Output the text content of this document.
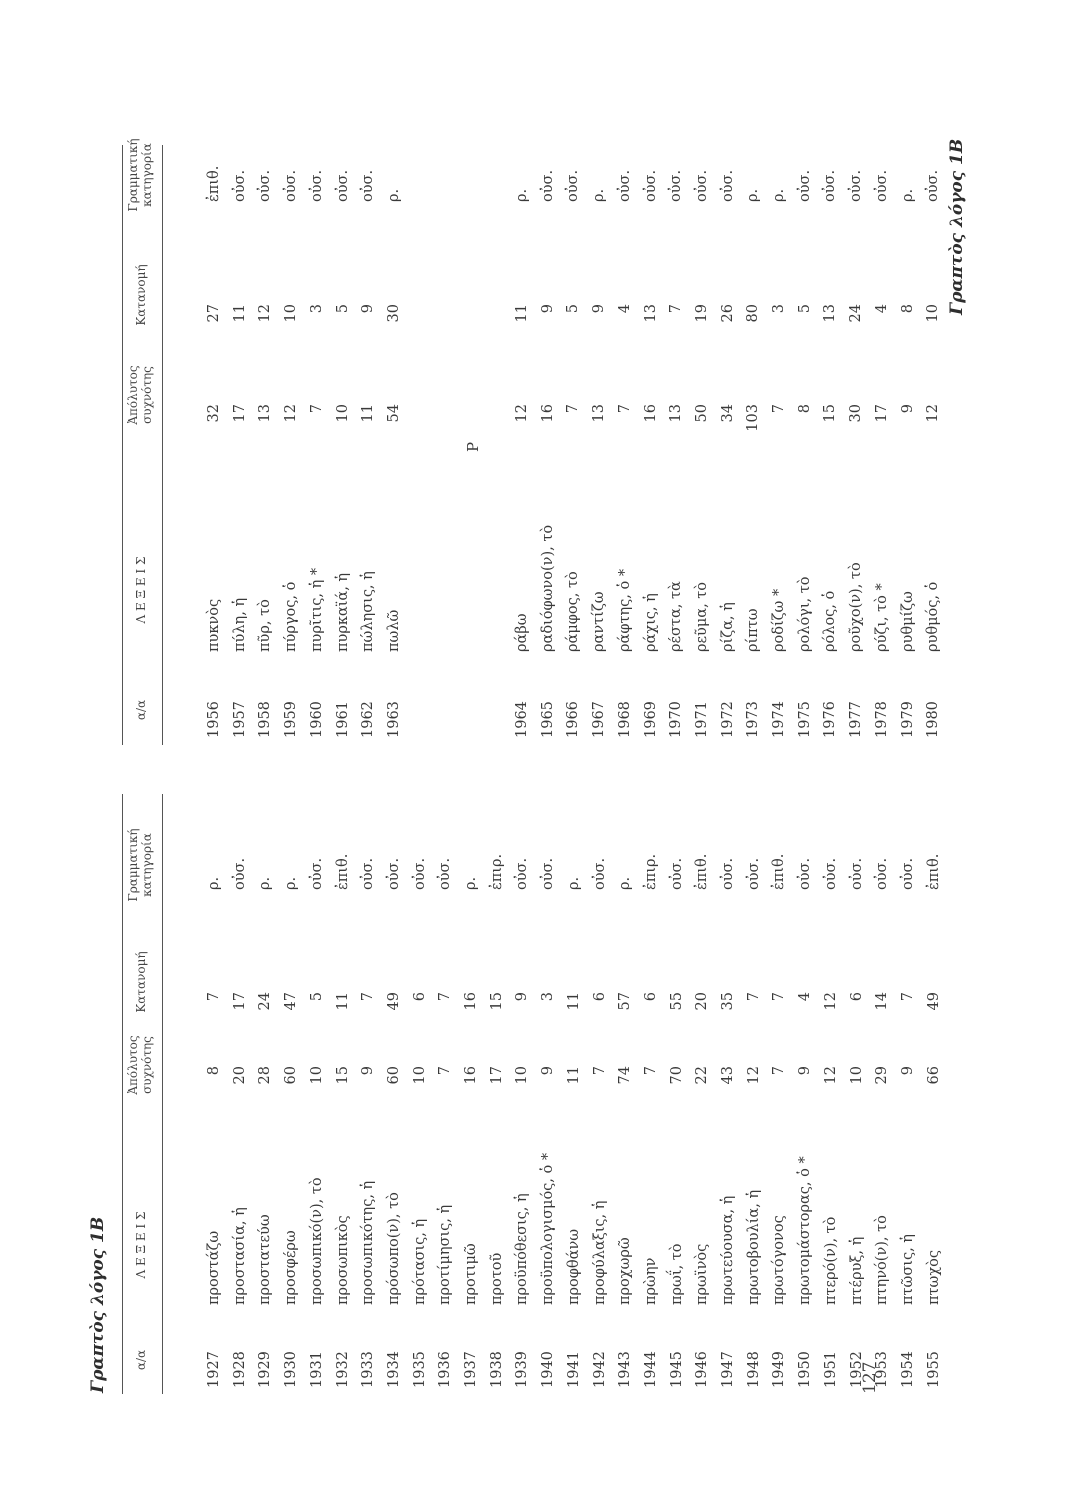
Γραπτὸς λόγος 1Β α/α
Λ Ε Ξ Ε Ι Σ
Ἀπόλυτος συχνότης
Κατανομή
Γραμματική κατηγορία
1927
προστάζω
8
7
ρ.
1928
προστασία, ἡ
20
17
οὐσ.
1929
προστατεύω
28
24
ρ.
1930
προσφέρω
60
47
ρ.
1931
προσωπικό(ν), τὸ
10
5
οὐσ.
1932
προσωπικὸς
15
11
ἐπιθ.
1933
προσωπικότης, ἡ
9
7
οὐσ.
1934
πρόσωπο(ν), τὸ
60
49
οὐσ.
1935
πρότασις, ἡ
10
6
οὐσ.
1936
προτίμησις, ἡ
7
7
οὐσ.
1937
προτιμῶ
16
16
ρ.
1938
προτοῦ
17
15
ἐπιρ.
1939
προϋπόθεσις, ἡ
10
9
οὐσ.
1940
προϋπολογισμός, ὁ *
9
3
οὐσ.
1941
προφθάνω
11
11
ρ.
1942
προφύλαξις, ἡ
7
6
οὐσ.
1943
προχωρῶ
74
57
ρ.
1944
πρὼην
7
6
ἐπιρ.
1945
πρωΐ, τὸ
70
55
οὐσ.
1946
πρωϊνὸς
22
20
ἐπιθ.
1947
πρωτεύουσα, ἡ
43
35
οὐσ.
1948
πρωτοβουλία, ἡ
12
7
οὐσ.
1949
πρωτόγονος
7
7
ἐπιθ.
1950
πρωτομάστορας, ὁ *
9
4
οὐσ.
1951
πτερό(ν), τὸ
12
12
οὐσ.
1952
πτέρυξ, ἡ
10
6
οὐσ.
1953
πτηνό(ν), τὸ
29
14
οὐσ.
1954
πτῶσις, ἡ
9
7
οὐσ.
1955
πτωχὸς
66
49
ἐπιθ.
127
Γραπτὸς λόγος 1Β
α/α
Λ Ε Ξ Ε Ι Σ
Ἀπόλυτος συχνότης
Κατανομή
Γραμματική κατηγορία
1956
πυκνὸς
32
27
ἐπιθ.
1957
πύλη, ἡ
17
11
οὐσ.
1958
πῦρ, τὸ
13
12
οὐσ.
1959
πύργος, ὁ
12
10
οὐσ.
1960
πυρῖτις, ἡ *
7
3
οὐσ.
1961
πυρκαϊά, ἡ
10
5
οὐσ.
1962
πώλησις, ἡ
11
9
οὐσ.
1963
πωλῶ
54
30
ρ.
Ρ
1964
ράβω
12
11
ρ.
1965
ραδιόφωνο(ν), τὸ
16
9
οὐσ.
1966
ράμφος, τὸ
7
5
οὐσ.
1967
ραντίζω
13
9
ρ.
1968
ράφτης, ὁ *
7
4
οὐσ.
1969
ράχις, ἡ
16
13
οὐσ.
1970
ρέστα, τὰ
13
7
οὐσ.
1971
ρεῦμα, τὸ
50
19
οὐσ.
1972
ρίζα, ἡ
34
26
οὐσ.
1973
ρίπτω
103
80
ρ.
1974
ροδίζω *
7
3
ρ.
1975
ρολόγι, τὸ
8
5
οὐσ.
1976
ρόλος, ὁ
15
13
οὐσ.
1977
ροῦχο(ν), τὸ
30
24
οὐσ.
1978
ρύζι, τὸ *
17
4
οὐσ.
1979
ρυθμίζω
9
8
ρ.
1980
ρυθμός, ὁ
12
10
οὐσ.
